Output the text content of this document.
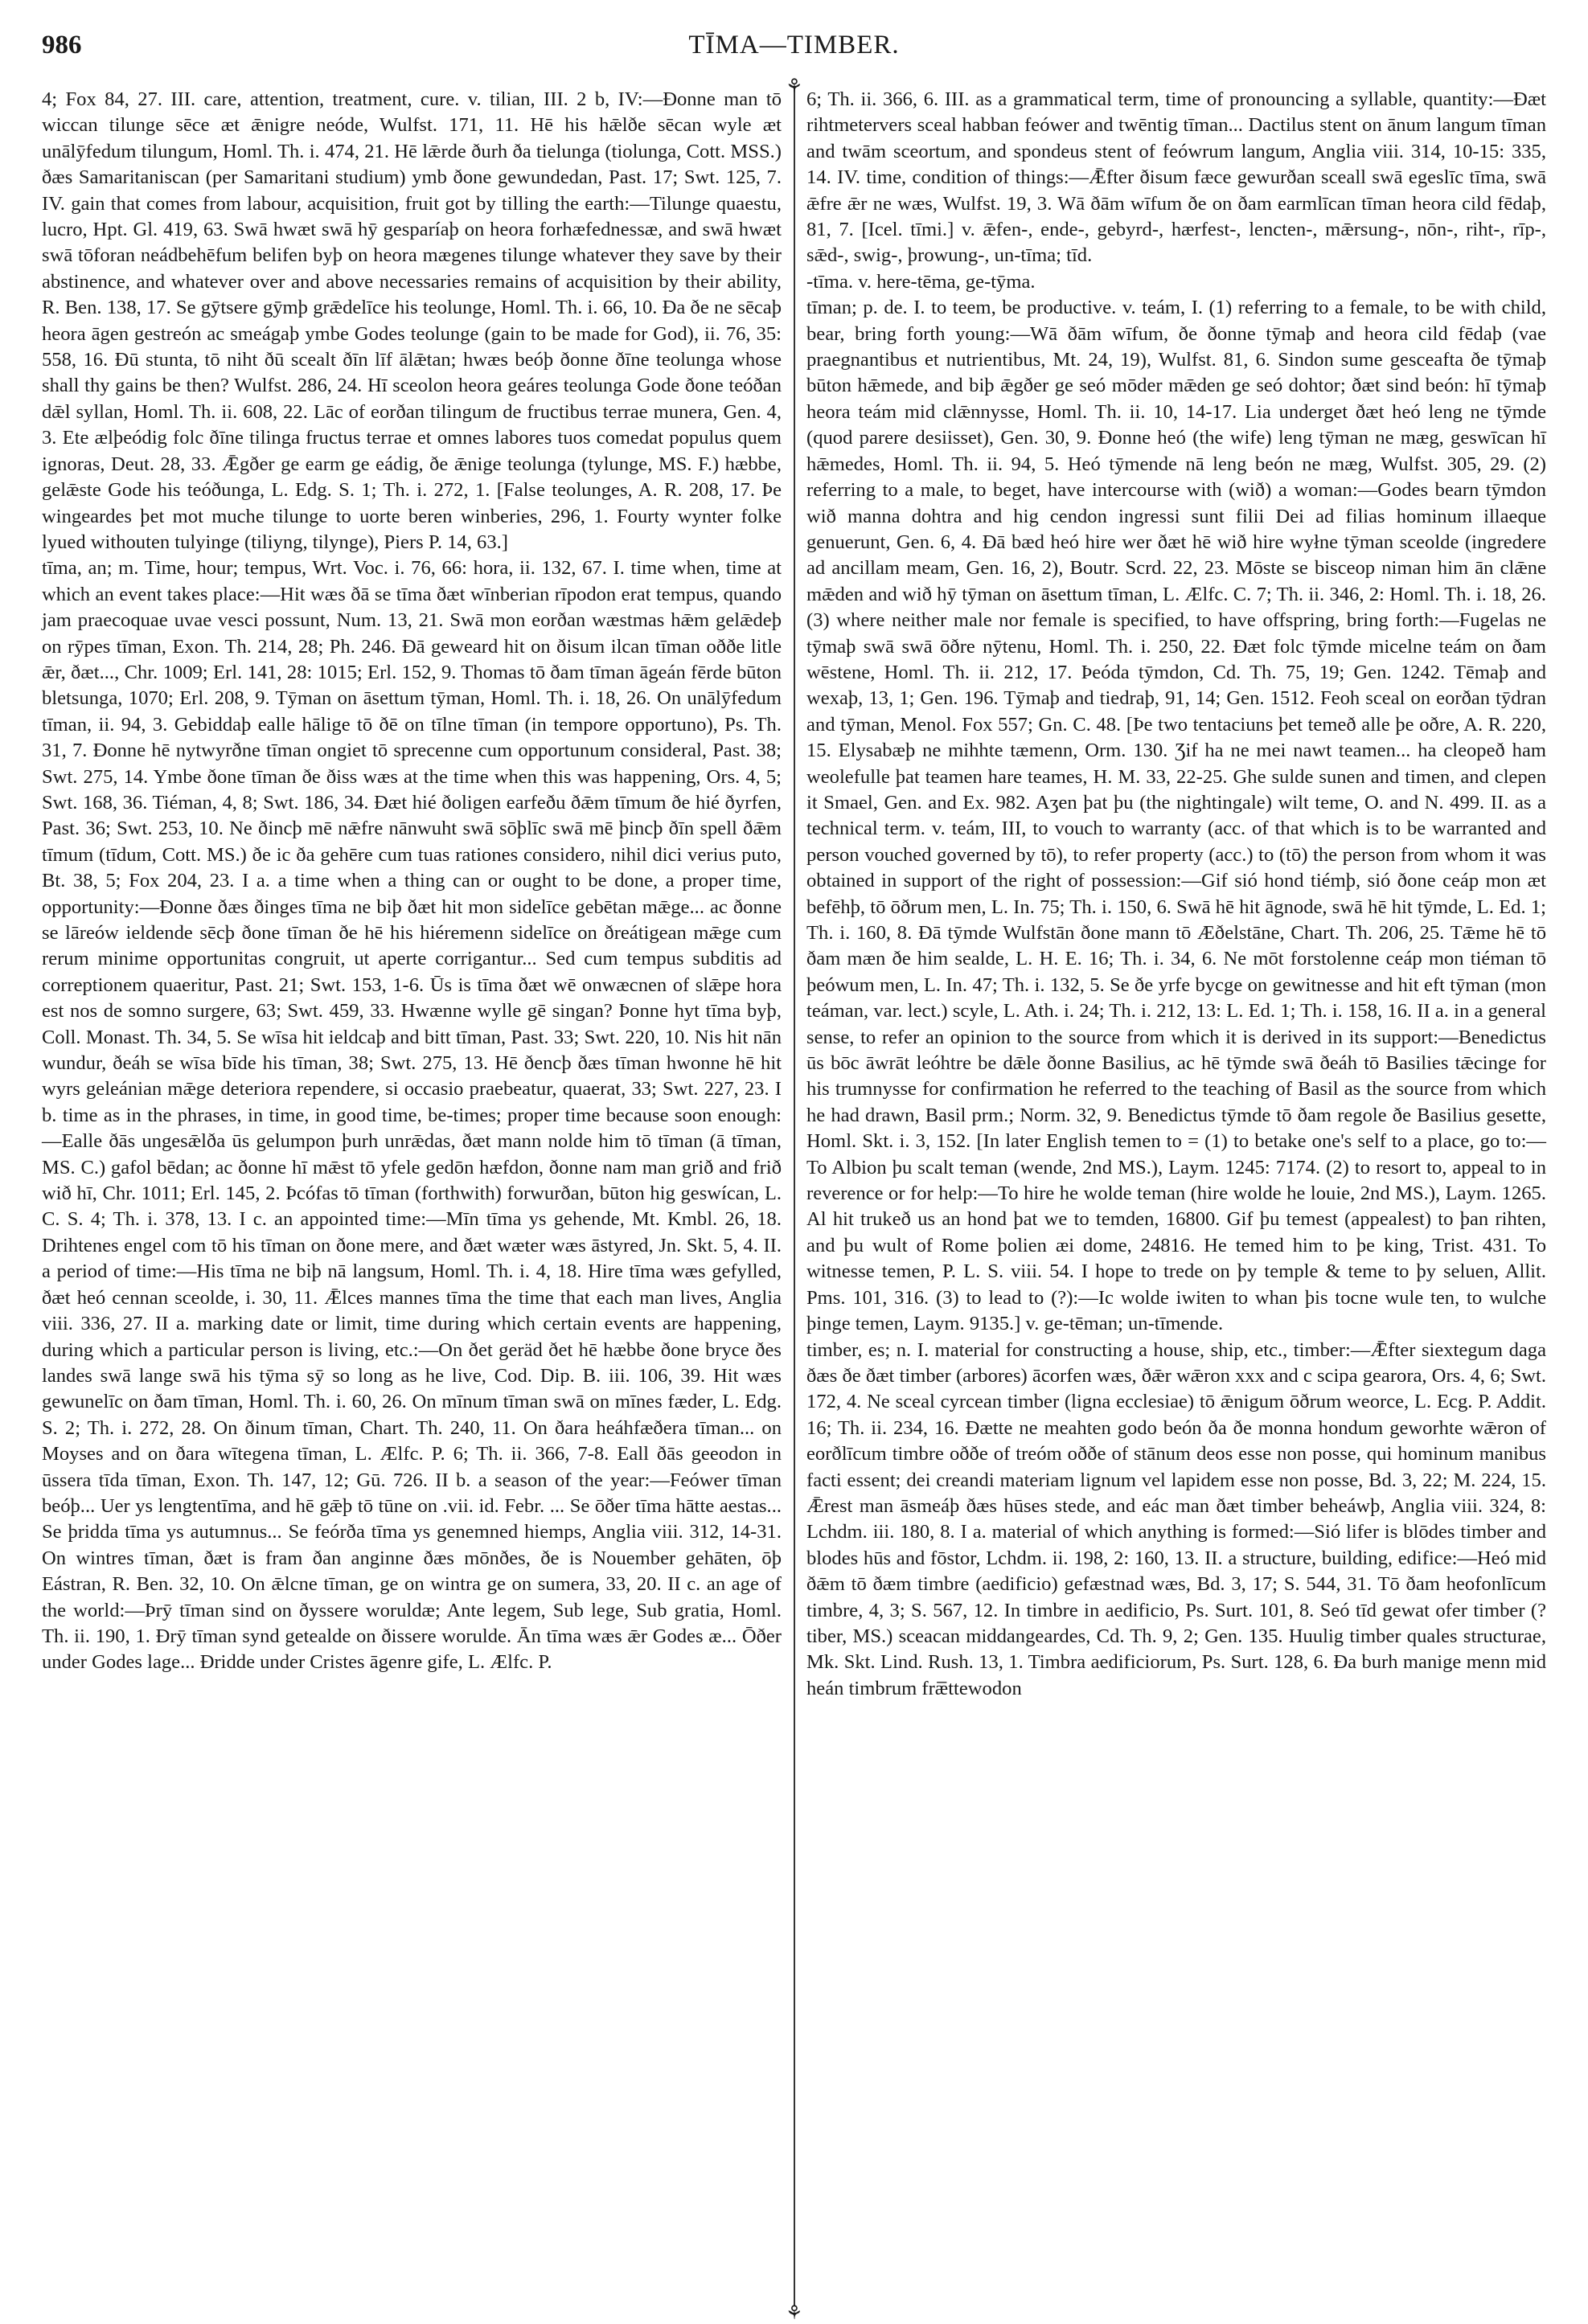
986	TĪMA—TIMBER.
⚘
⚘

4; Fox 84, 27. III. care, attention, treatment, cure. v. tilian, III. 2 b, IV:—Ðonne man tō wiccan tilunge sēce æt ǣnigre neóde, Wulfst. 171, 11. Hē his hǣlðe sēcan wyle æt unālȳfedum tilungum, Homl. Th. i. 474, 21. Hē lǣrde ðurh ða tielunga (tiolunga, Cott. MSS.) ðæs Samaritaniscan (per Samaritani studium) ymb ðone gewundedan, Past. 17; Swt. 125, 7. IV. gain that comes from labour, acquisition, fruit got by tilling the earth:—Tilunge quaestu, lucro, Hpt. Gl. 419, 63. Swā hwæt swā hȳ gesparíaþ on heora forhæfednessæ, and swā hwæt swā tōforan neádbehēfum belifen byþ on heora mægenes tilunge whatever they save by their abstinence, and whatever over and above necessaries remains of acquisition by their ability, R. Ben. 138, 17. Se gȳtsere gȳmþ grǣdelīce his teolunge, Homl. Th. i. 66, 10. Ða ðe ne sēcaþ heora āgen gestreón ac smeágaþ ymbe Godes teolunge (gain to be made for God), ii. 76, 35: 558, 16. Ðū stunta, tō niht ðū scealt ðīn līf ālǣtan; hwæs beóþ ðonne ðīne teolunga whose shall thy gains be then? Wulfst. 286, 24. Hī sceolon heora geáres teolunga Gode ðone teóðan dǣl syllan, Homl. Th. ii. 608, 22. Lāc of eorðan tilingum de fructibus terrae munera, Gen. 4, 3. Ete ælþeódig folc ðīne tilinga fructus terrae et omnes labores tuos comedat populus quem ignoras, Deut. 28, 33. Ǣgðer ge earm ge eádig, ðe ǣnige teolunga (tylunge, MS. F.) hæbbe, gelǣste Gode his teóðunga, L. Edg. S. 1; Th. i. 272, 1. [False teolunges, A. R. 208, 17. Þe wingeardes þet mot muche tilunge to uorte beren winberies, 296, 1. Fourty wynter folke lyued withouten tulyinge (tiliyng, tilynge), Piers P. 14, 63.]

tīma, an; m. Time, hour; tempus, Wrt. Voc. i. 76, 66: hora, ii. 132, 67. I. time when, time at which an event takes place:—Hit wæs ðā se tīma ðæt wīnberian rīpodon erat tempus, quando jam praecoquae uvae vesci possunt, Num. 13, 21. Swā mon eorðan wæstmas hǣm gelǣdeþ on rȳpes tīman, Exon. Th. 214, 28; Ph. 246. Ðā geweard hit on ðisum ilcan tīman oððe litle ǣr, ðæt..., Chr. 1009; Erl. 141, 28: 1015; Erl. 152, 9. Thomas tō ðam tīman āgeán fērde būton bletsunga, 1070; Erl. 208, 9. Tȳman on āsettum tȳman, Homl. Th. i. 18, 26. On unālȳfedum tīman, ii. 94, 3. Gebiddaþ ealle hālige tō ðē on tīlne tīman (in tempore opportuno), Ps. Th. 31, 7. Ðonne hē nytwyrðne tīman ongiet tō sprecenne cum opportunum consideral, Past. 38; Swt. 275, 14. Ymbe ðone tīman ðe ðiss wæs at the time when this was happening, Ors. 4, 5; Swt. 168, 36. Tiéman, 4, 8; Swt. 186, 34. Ðæt hié ðoligen earfeðu ðǣm tīmum ðe hié ðyrfen, Past. 36; Swt. 253, 10. Ne ðincþ mē nǣfre nānwuht swā sōþlīc swā mē þincþ ðīn spell ðǣm tīmum (tīdum, Cott. MS.) ðe ic ða gehēre cum tuas rationes considero, nihil dici verius puto, Bt. 38, 5; Fox 204, 23. I a. a time when a thing can or ought to be done, a proper time, opportunity:—Ðonne ðæs ðinges tīma ne biþ ðæt hit mon sidelīce gebētan mǣge... ac ðonne se lāreów ieldende sēcþ ðone tīman ðe hē his hiéremenn sidelīce on ðreátigean mǣge cum rerum minime opportunitas congruit, ut aperte corrigantur... Sed cum tempus subditis ad correptionem quaeritur, Past. 21; Swt. 153, 1-6. Ūs is tīma ðæt wē onwæcnen of slǣpe hora est nos de somno surgere, 63; Swt. 459, 33. Hwænne wylle gē singan? Þonne hyt tīma byþ, Coll. Monast. Th. 34, 5. Se wīsa hit ieldcaþ and bitt tīman, Past. 33; Swt. 220, 10. Nis hit nān wundur, ðeáh se wīsa bīde his tīman, 38; Swt. 275, 13. Hē ðencþ ðæs tīman hwonne hē hit wyrs geleánian mǣge deteriora rependere, si occasio praebeatur, quaerat, 33; Swt. 227, 23. I b. time as in the phrases, in time, in good time, be-times; proper time because soon enough:—Ealle ðās ungesǣlða ūs gelumpon þurh unrǣdas, ðæt mann nolde him tō tīman (ā tīman, MS. C.) gafol bēdan; ac ðonne hī mǣst tō yfele gedōn hæfdon, ðonne nam man grið and frið wið hī, Chr. 1011; Erl. 145, 2. Þcófas tō tīman (forthwith) forwurðan, būton hig geswícan, L. C. S. 4; Th. i. 378, 13. I c. an appointed time:—Mīn tīma ys gehende, Mt. Kmbl. 26, 18. Drihtenes engel com tō his tīman on ðone mere, and ðæt wæter wæs āstyred, Jn. Skt. 5, 4. II. a period of time:—His tīma ne biþ nā langsum, Homl. Th. i. 4, 18. Hire tīma wæs gefylled, ðæt heó cennan sceolde, i. 30, 11. Ǣlces mannes tīma the time that each man lives, Anglia viii. 336, 27. II a. marking date or limit, time during which certain events are happening, during which a particular person is living, etc.:—On ðet geräd ðet hē hæbbe ðone bryce ðes landes swā lange swā his tȳma sȳ so long as he live, Cod. Dip. B. iii. 106, 39. Hit wæs gewunelīc on ðam tīman, Homl. Th. i. 60, 26. On mīnum tīman swā on mīnes fæder, L. Edg. S. 2; Th. i. 272, 28. On ðinum tīman, Chart. Th. 240, 11. On ðara heáhfæðera tīman... on Moyses and on ðara wītegena tīman, L. Ælfc. P. 6; Th. ii. 366, 7-8. Eall ðās geeodon in ūssera tīda tīman, Exon. Th. 147, 12; Gū. 726. II b. a season of the year:—Feówer tīman beóþ... Uer ys lengtentīma, and hē gǣþ tō tūne on .vii. id. Febr. ... Se ōðer tīma hātte aestas... Se þridda tīma ys autumnus... Se feórða tīma ys genemned hiemps, Anglia viii. 312, 14-31. On wintres tīman, ðæt is fram ðan anginne ðæs mōnðes, ðe is Nouember gehāten, ōþ Eástran, R. Ben. 32, 10. On ǣlcne tīman, ge on wintra ge on sumera, 33, 20. II c. an age of the world:—Þrȳ tīman sind on ðyssere woruldæ; Ante legem, Sub lege, Sub gratia, Homl. Th. ii. 190, 1. Ðrȳ tīman synd getealde on ðissere worulde. Ān tīma wæs ǣr Godes æ... Ōðer under Godes lage... Ðridde under Cristes āgenre gife, L. Ælfc. P.

6; Th. ii. 366, 6. III. as a grammatical term, time of pronouncing a syllable, quantity:—Ðæt rihtmetervers sceal habban feówer and twēntig tīman... Dactilus stent on ānum langum tīman and twām sceortum, and spondeus stent of feówrum langum, Anglia viii. 314, 10-15: 335, 14. IV. time, condition of things:—Ǣfter ðisum fæce gewurðan sceall swā egeslīc tīma, swā ǣfre ǣr ne wæs, Wulfst. 19, 3. Wā ðām wīfum ðe on ðam earmlīcan tīman heora cild fēdaþ, 81, 7. [Icel. tīmi.] v. ǣfen-, ende-, gebyrd-, hærfest-, lencten-, mǣrsung-, nōn-, riht-, rīp-, sǣd-, swig-, þrowung-, un-tīma; tīd.

-tīma. v. here-tēma, ge-tȳma.

tīman; p. de. I. to teem, be productive. v. teám, I. (1) referring to a female, to be with child, bear, bring forth young:—Wā ðām wīfum, ðe ðonne tȳmaþ and heora cild fēdaþ (vae praegnantibus et nutrientibus, Mt. 24, 19), Wulfst. 81, 6. Sindon sume gesceafta ðe tȳmaþ būton hǣmede, and biþ ǣgðer ge seó mōder mǣden ge seó dohtor; ðæt sind beón: hī tȳmaþ heora teám mid clǣnnysse, Homl. Th. ii. 10, 14-17. Lia underget ðæt heó leng ne tȳmde (quod parere desiisset), Gen. 30, 9. Ðonne heó (the wife) leng tȳman ne mæg, geswīcan hī hǣmedes, Homl. Th. ii. 94, 5. Heó tȳmende nā leng beón ne mæg, Wulfst. 305, 29. (2) referring to a male, to beget, have intercourse with (wið) a woman:—Godes bearn tȳmdon wið manna dohtra and hig cendon ingressi sunt filii Dei ad filias hominum illaeque genuerunt, Gen. 6, 4. Ðā bæd heó hire wer ðæt hē wið hire wyłne tȳman sceolde (ingredere ad ancillam meam, Gen. 16, 2), Boutr. Scrd. 22, 23. Mōste se bisceop niman him ān clǣne mǣden and wið hȳ tȳman on āsettum tīman, L. Ælfc. C. 7; Th. ii. 346, 2: Homl. Th. i. 18, 26. (3) where neither male nor female is specified, to have offspring, bring forth:—Fugelas ne tȳmaþ swā swā ōðre nȳtenu, Homl. Th. i. 250, 22. Ðæt folc tȳmde micelne teám on ðam wēstene, Homl. Th. ii. 212, 17. Þeóda tȳmdon, Cd. Th. 75, 19; Gen. 1242. Tēmaþ and wexaþ, 13, 1; Gen. 196. Tȳmaþ and tiedraþ, 91, 14; Gen. 1512. Feoh sceal on eorðan tȳdran and tȳman, Menol. Fox 557; Gn. C. 48. [Þe two tentaciuns þet temeð alle þe oðre, A. R. 220, 15. Elysabæþ ne mihhte tæmenn, Orm. 130. Ʒif ha ne mei nawt teamen... ha cleopeð ham weolefulle þat teamen hare teames, H. M. 33, 22-25. Ghe sulde sunen and timen, and clepen it Smael, Gen. and Ex. 982. Aʒen þat þu (the nightingale) wilt teme, O. and N. 499. II. as a technical term. v. teám, III, to vouch to warranty (acc. of that which is to be warranted and person vouched governed by tō), to refer property (acc.) to (tō) the person from whom it was obtained in support of the right of possession:—Gif sió hond tiémþ, sió ðone ceáp mon æt befēhþ, tō ōðrum men, L. In. 75; Th. i. 150, 6. Swā hē hit āgnode, swā hē hit tȳmde, L. Ed. 1; Th. i. 160, 8. Ðā tȳmde Wulfstān ðone mann tō Æðelstāne, Chart. Th. 206, 25. Tǣme hē tō ðam mæn ðe him sealde, L. H. E. 16; Th. i. 34, 6. Ne mōt forstolenne ceáp mon tiéman tō þeówum men, L. In. 47; Th. i. 132, 5. Se ðe yrfe bycge on gewitnesse and hit eft tȳman (mon teáman, var. lect.) scyle, L. Ath. i. 24; Th. i. 212, 13: L. Ed. 1; Th. i. 158, 16. II a. in a general sense, to refer an opinion to the source from which it is derived in its support:—Benedictus ūs bōc āwrāt leóhtre be dǣle ðonne Basilius, ac hē tȳmde swā ðeáh tō Basilies tǣcinge for his trumnysse for confirmation he referred to the teaching of Basil as the source from which he had drawn, Basil prm.; Norm. 32, 9. Benedictus tȳmde tō ðam regole ðe Basilius gesette, Homl. Skt. i. 3, 152. [In later English temen to = (1) to betake one's self to a place, go to:—To Albion þu scalt teman (wende, 2nd MS.), Laym. 1245: 7174. (2) to resort to, appeal to in reverence or for help:—To hire he wolde teman (hire wolde he louie, 2nd MS.), Laym. 1265. Al hit trukeð us an hond þat we to temden, 16800. Gif þu temest (appealest) to þan rihten, and þu wult of Rome þolien æi dome, 24816. He temed him to þe king, Trist. 431. To witnesse temen, P. L. S. viii. 54. I hope to trede on þy temple & teme to þy seluen, Allit. Pms. 101, 316. (3) to lead to (?):—Ic wolde iwiten to whan þis tocne wule ten, to wulche þinge temen, Laym. 9135.] v. ge-tēman; un-tīmende.

timber, es; n. I. material for constructing a house, ship, etc., timber:—Ǣfter siextegum daga ðæs ðe ðæt timber (arbores) ācorfen wæs, ðǣr wǣron xxx and c scipa gearora, Ors. 4, 6; Swt. 172, 4. Ne sceal cyrcean timber (ligna ecclesiae) tō ǣnigum ōðrum weorce, L. Ecg. P. Addit. 16; Th. ii. 234, 16. Ðætte ne meahten godo beón ða ðe monna hondum geworhte wǣron of eorðlīcum timbre oððe of treóm oððe of stānum deos esse non posse, qui hominum manibus facti essent; dei creandi materiam lignum vel lapidem esse non posse, Bd. 3, 22; M. 224, 15. Ǣrest man āsmeáþ ðæs hūses stede, and eác man ðæt timber beheáwþ, Anglia viii. 324, 8: Lchdm. iii. 180, 8. I a. material of which anything is formed:—Sió lifer is blōdes timber and blodes hūs and fōstor, Lchdm. ii. 198, 2: 160, 13. II. a structure, building, edifice:—Heó mid ðǣm tō ðæm timbre (aedificio) gefæstnad wæs, Bd. 3, 17; S. 544, 31. Tō ðam heofonlīcum timbre, 4, 3; S. 567, 12. In timbre in aedificio, Ps. Surt. 101, 8. Seó tīd gewat ofer timber (? tiber, MS.) sceacan middangeardes, Cd. Th. 9, 2; Gen. 135. Huulig timber quales structurae, Mk. Skt. Lind. Rush. 13, 1. Timbra aedificiorum, Ps. Surt. 128, 6. Ða burh manige menn mid heán timbrum fræ̅ttewodon
